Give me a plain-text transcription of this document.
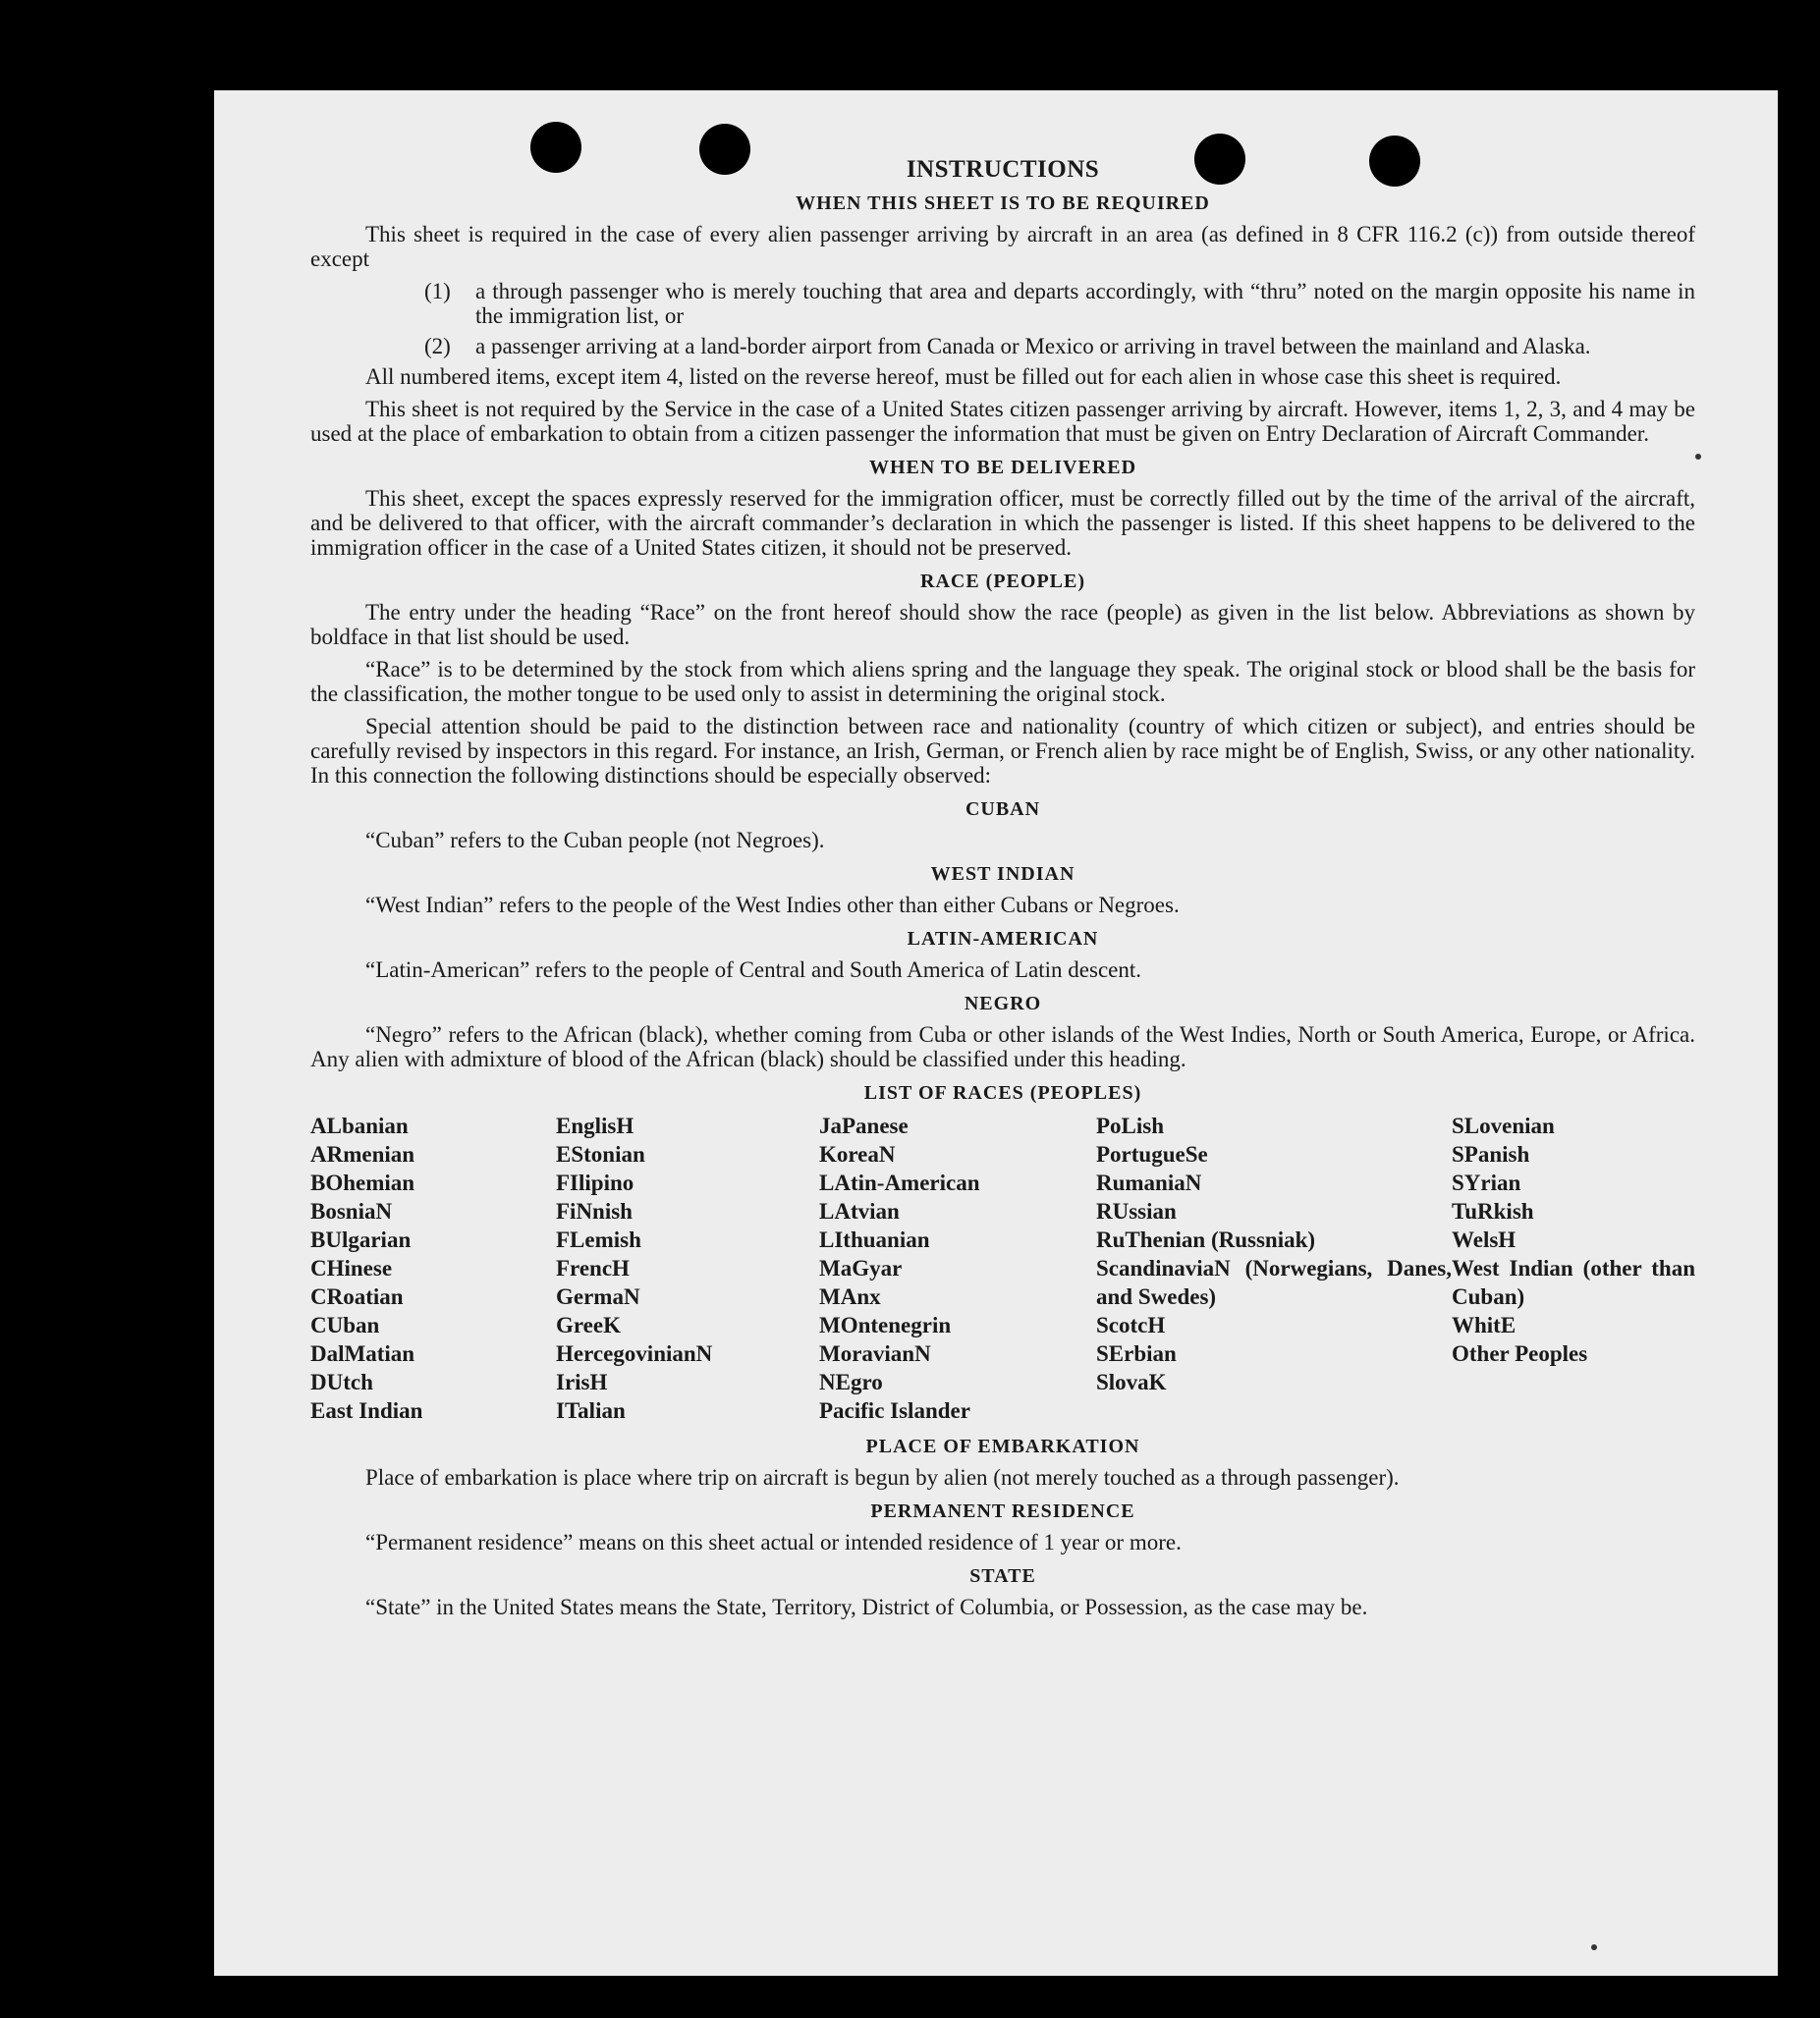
INSTRUCTIONS
WHEN THIS SHEET IS TO BE REQUIRED

This sheet is required in the case of every alien passenger arriving by aircraft in an area (as defined in 8 CFR 116.2 (c)) from outside thereof except

(1)	a through passenger who is merely touching that area and departs accordingly, with “thru” noted on the margin opposite his name in the immigration list, or
(2)	a passenger arriving at a land-border airport from Canada or Mexico or arriving in travel between the mainland and Alaska.

All numbered items, except item 4, listed on the reverse hereof, must be filled out for each alien in whose case this sheet is required.

This sheet is not required by the Service in the case of a United States citizen passenger arriving by aircraft. However, items 1, 2, 3, and 4 may be used at the place of embarkation to obtain from a citizen passenger the information that must be given on Entry Declaration of Aircraft Commander.

WHEN TO BE DELIVERED

This sheet, except the spaces expressly reserved for the immigration officer, must be correctly filled out by the time of the arrival of the aircraft, and be delivered to that officer, with the aircraft commander’s declaration in which the passenger is listed. If this sheet happens to be delivered to the immigration officer in the case of a United States citizen, it should not be preserved.

RACE (PEOPLE)

The entry under the heading “Race” on the front hereof should show the race (people) as given in the list below. Abbreviations as shown by boldface in that list should be used.

“Race” is to be determined by the stock from which aliens spring and the language they speak. The original stock or blood shall be the basis for the classification, the mother tongue to be used only to assist in determining the original stock.

Special attention should be paid to the distinction between race and nationality (country of which citizen or subject), and entries should be carefully revised by inspectors in this regard. For instance, an Irish, German, or French alien by race might be of English, Swiss, or any other nationality. In this connection the following distinctions should be especially observed:

CUBAN
“Cuban” refers to the Cuban people (not Negroes).
WEST INDIAN
“West Indian” refers to the people of the West Indies other than either Cubans or Negroes.
LATIN-AMERICAN
“Latin-American” refers to the people of Central and South America of Latin descent.
NEGRO

“Negro” refers to the African (black), whether coming from Cuba or other islands of the West Indies, North or South America, Europe, or Africa. Any alien with admixture of blood of the African (black) should be classified under this heading.

LIST OF RACES (PEOPLES)
ALbanian
ARmenian
BOhemian
BosniaN
BUlgarian
CHinese
CRoatian
CUban
DalMatian
DUtch
East Indian
EnglisH
EStonian
FIlipino
FiNnish
FLemish
FrencH
GermaN
GreeK
HercegovinianN
IrisH
ITalian
JaPanese
KoreaN
LAtin-American
LAtvian
LIthuanian
MaGyar
MAnx
MOntenegrin
MoravianN
NEgro
Pacific Islander
PoLish
PortugueSe
RumaniaN
RUssian
RuThenian (Russniak)
ScandinaviaN (Norwegians, Danes, and Swedes)
ScotcH
SErbian
SlovaK
SLovenian
SPanish
SYrian
TuRkish
WelsH
West Indian (other than Cuban)
WhitE
Other Peoples
PLACE OF EMBARKATION

Place of embarkation is place where trip on aircraft is begun by alien (not merely touched as a through passenger).

PERMANENT RESIDENCE
“Permanent residence” means on this sheet actual or intended residence of 1 year or more.
STATE

“State” in the United States means the State, Territory, District of Columbia, or Possession, as the case may be.
